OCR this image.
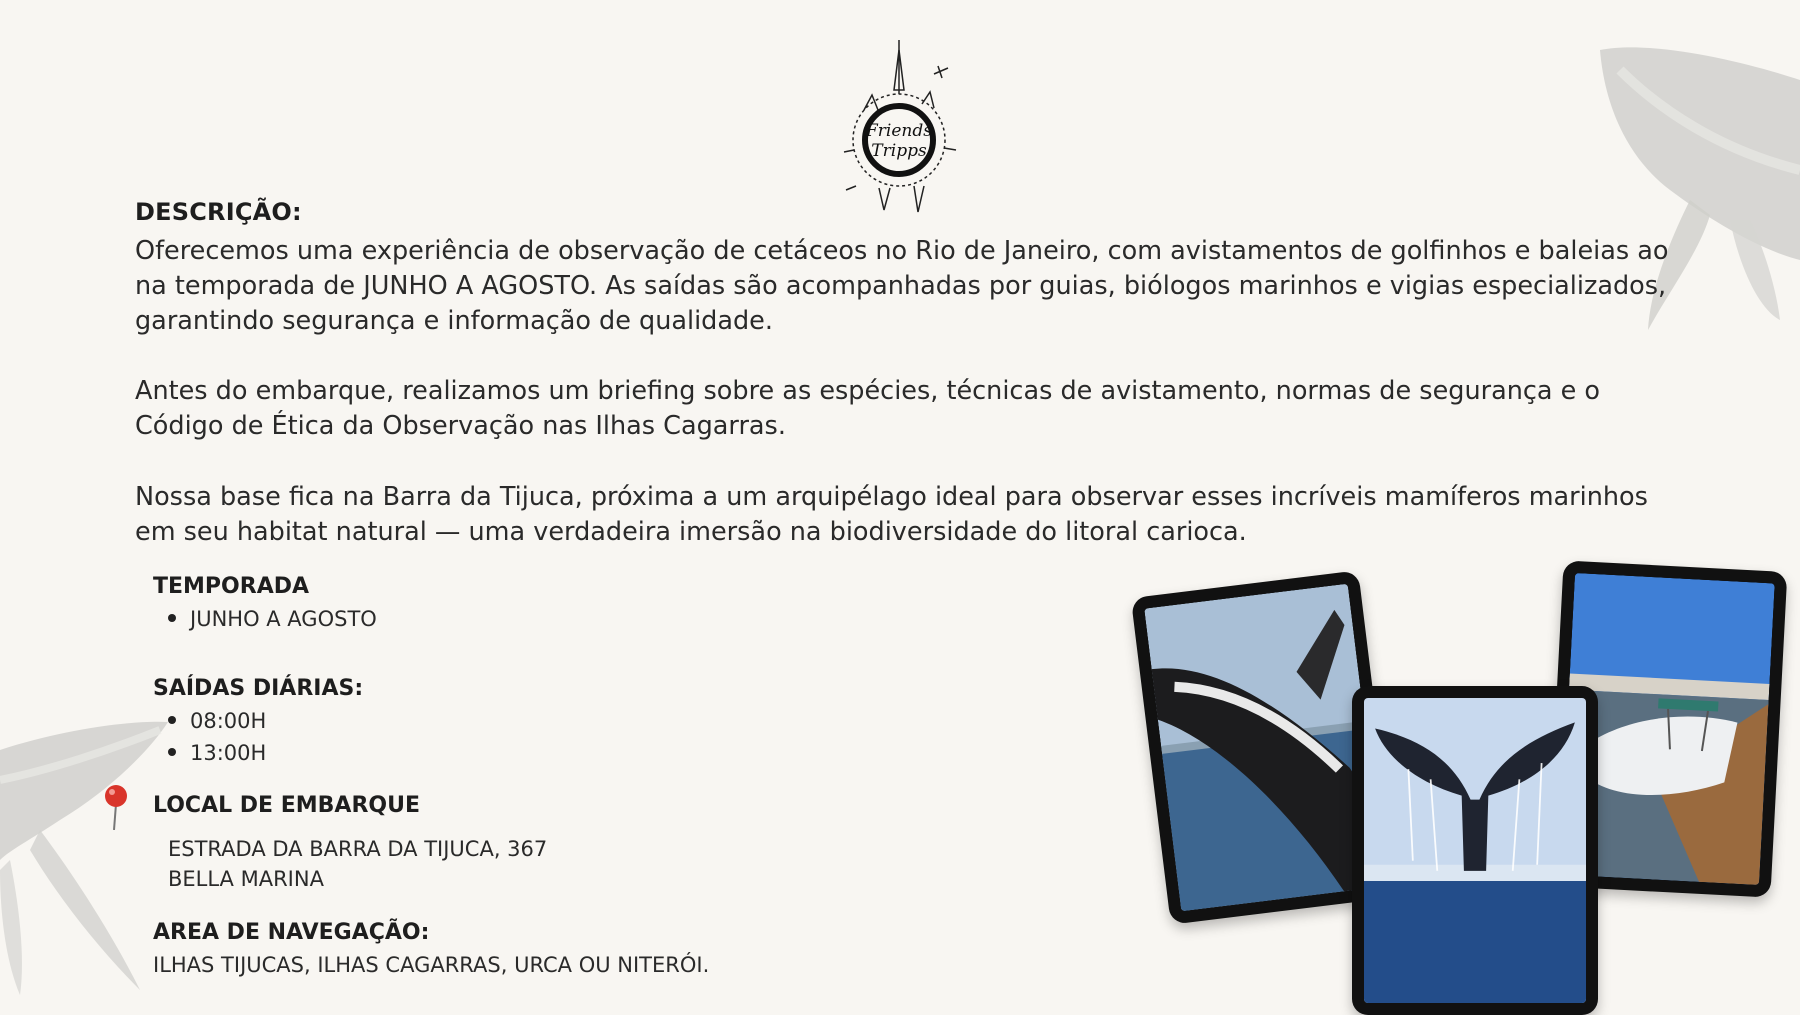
Friends
Tripps
DESCRIÇÃO:
Oferecemos uma experiência de observação de cetáceos no Rio de Janeiro, com avistamentos de golfinhos e baleias ao na temporada de JUNHO A AGOSTO. As saídas são acompanhadas por guias, biólogos marinhos e vigias especializados, garantindo segurança e informação de qualidade.
Antes do embarque, realizamos um briefing sobre as espécies, técnicas de avistamento, normas de segurança e o Código de Ética da Observação nas Ilhas Cagarras.
Nossa base fica na Barra da Tijuca, próxima a um arquipélago ideal para observar esses incríveis mamíferos marinhos em seu habitat natural — uma verdadeira imersão na biodiversidade do litoral carioca.
TEMPORADA
JUNHO A AGOSTO
SAÍDAS DIÁRIAS:
08:00H
13:00H
LOCAL DE EMBARQUE
ESTRADA DA BARRA DA TIJUCA, 367
BELLA MARINA
AREA DE NAVEGAÇÃO:
ILHAS TIJUCAS, ILHAS CAGARRAS, URCA OU NITERÓI.
